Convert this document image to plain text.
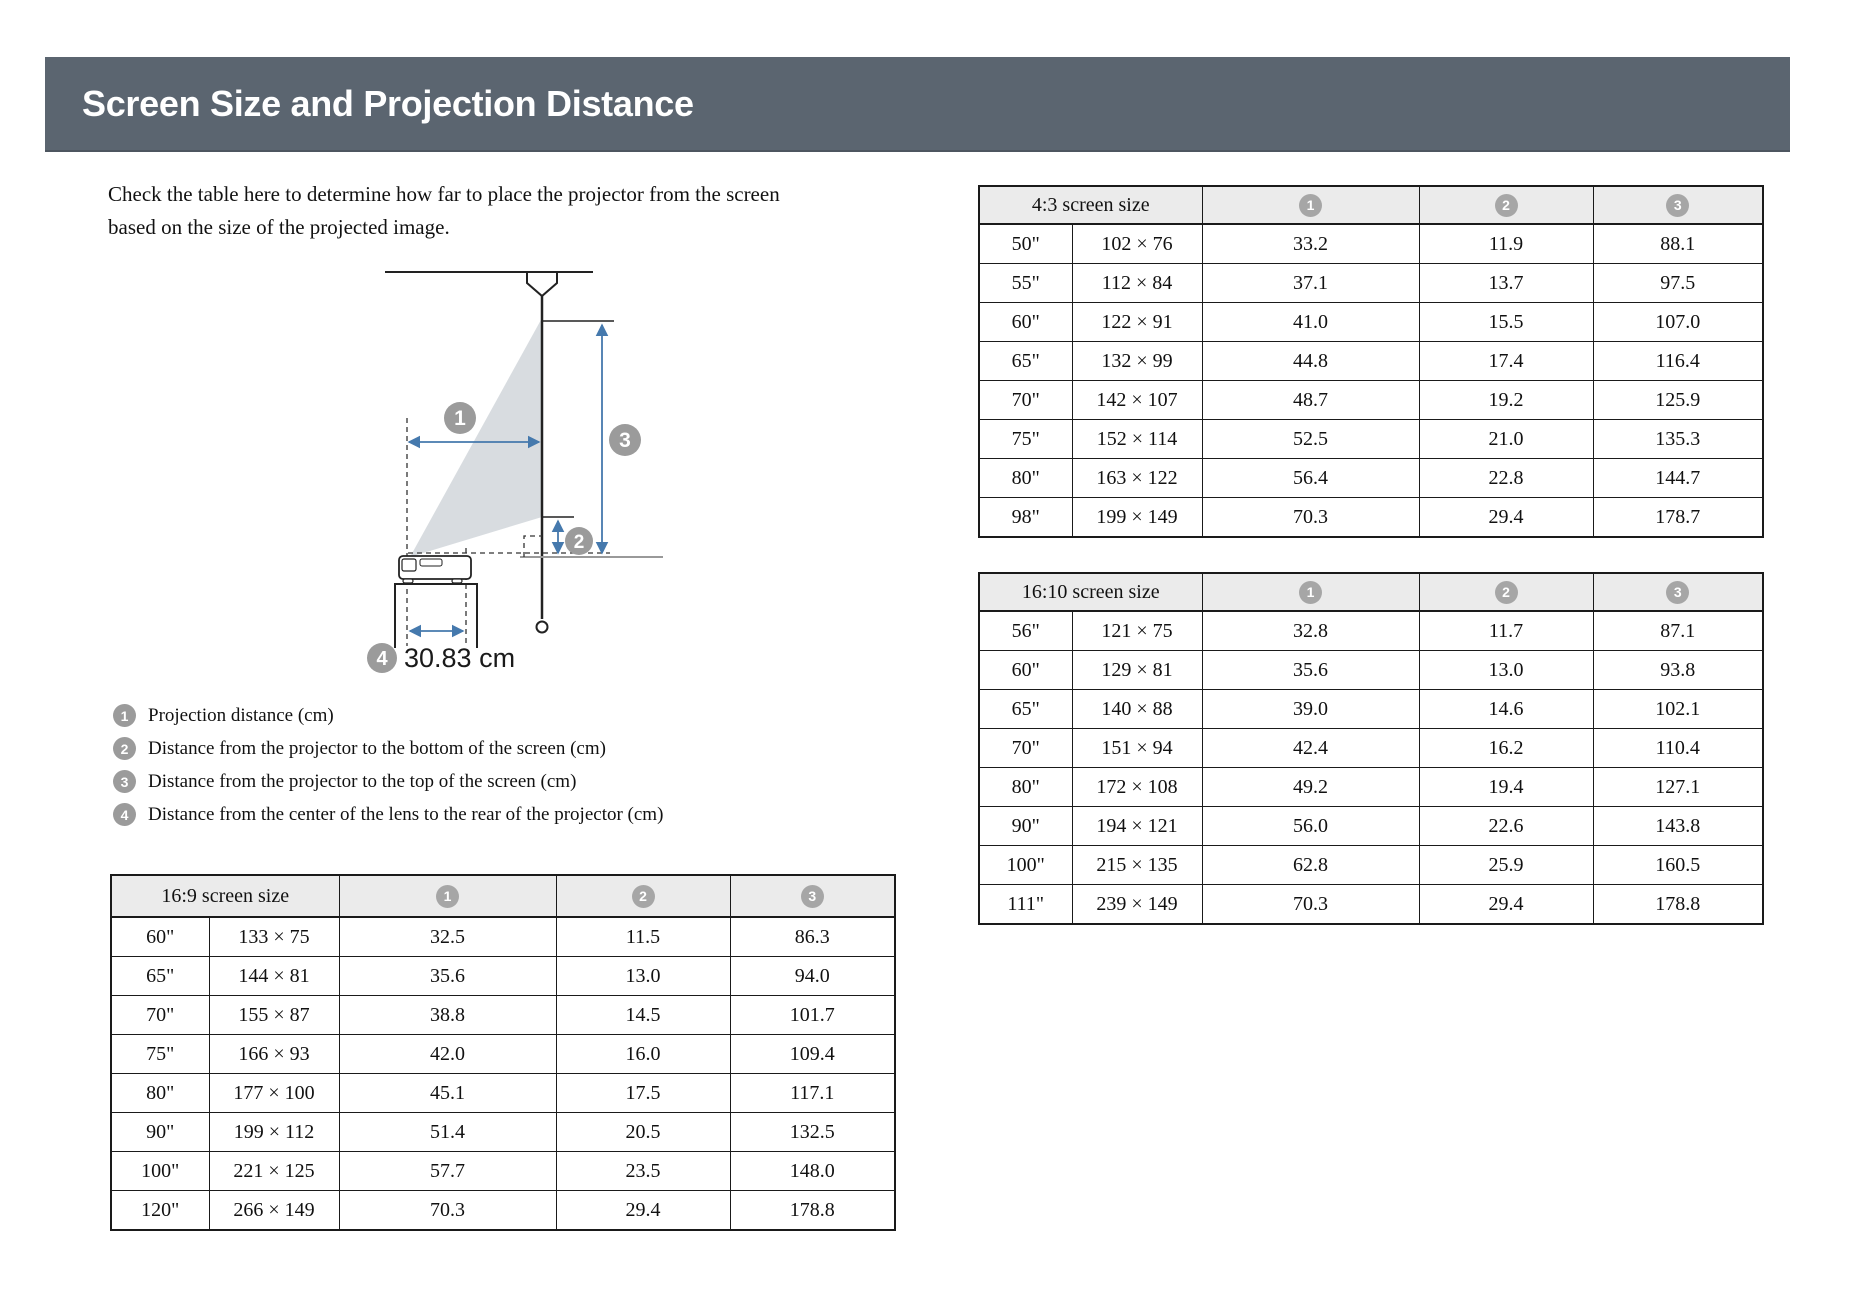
Screen Size and Projection Distance
Check the table here to determine how far to place the projector from the screen
based on the size of the projected image.
1
2
3
4 30.83 cm
1	Projection distance (cm)
2	Distance from the projector to the bottom of the screen (cm)
3	Distance from the projector to the top of the screen (cm)
4	Distance from the center of the lens to the rear of the projector (cm)
16:9 screen size		1	2	3
60"	133 × 75	32.5	11.5	86.3
65"	144 × 81	35.6	13.0	94.0
70"	155 × 87	38.8	14.5	101.7
75"	166 × 93	42.0	16.0	109.4
80"	177 × 100	45.1	17.5	117.1
90"	199 × 112	51.4	20.5	132.5
100"	221 × 125	57.7	23.5	148.0
120"	266 × 149	70.3	29.4	178.8
4:3 screen size		1	2	3
50"	102 × 76	33.2	11.9	88.1
55"	112 × 84	37.1	13.7	97.5
60"	122 × 91	41.0	15.5	107.0
65"	132 × 99	44.8	17.4	116.4
70"	142 × 107	48.7	19.2	125.9
75"	152 × 114	52.5	21.0	135.3
80"	163 × 122	56.4	22.8	144.7
98"	199 × 149	70.3	29.4	178.7
16:10 screen size		1	2	3
56"	121 × 75	32.8	11.7	87.1
60"	129 × 81	35.6	13.0	93.8
65"	140 × 88	39.0	14.6	102.1
70"	151 × 94	42.4	16.2	110.4
80"	172 × 108	49.2	19.4	127.1
90"	194 × 121	56.0	22.6	143.8
100"	215 × 135	62.8	25.9	160.5
111"	239 × 149	70.3	29.4	178.8
